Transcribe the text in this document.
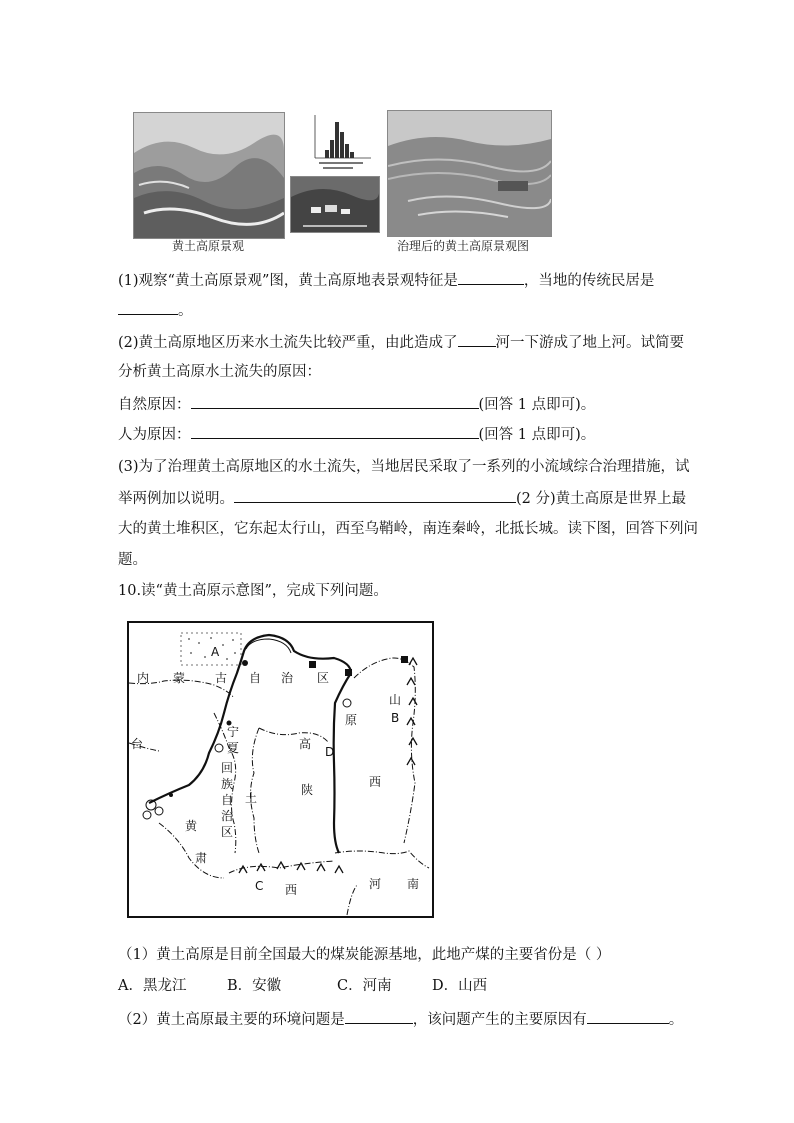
黄土高原景观	治理后的黄土高原景观图
(1)观察“黄土高原景观”图，黄土高原地表景观特征是	，当地的传统民居是
。
(2)黄土高原地区历来水土流失比较严重，由此造成了	河一下游成了地上河。试简要
分析黄土高原水土流失的原因：
自然原因：	(回答 1 点即可)。
人为原因：	(回答 1 点即可)。
(3)为了治理黄土高原地区的水土流失，当地居民采取了一系列的小流域综合治理措施，试
举两例加以说明。	(2 分)黄土高原是世界上最
大的黄土堆积区，它东起太行山，西至乌鞘岭，南连秦岭，北抵长城。读下图，回答下列问
题。
10.读“黄土高原示意图”，完成下列问题。
A
内 蒙 古 自 治 区
原
山
B
台
宁
夏	高
D
回
族	西
土
自
陕
治
黄 区
肃
C 西	河 南
（1）黄土高原是目前全国最大的煤炭能源基地，此地产煤的主要省份是（ ）
A．黑龙江	B．安徽	C．河南	D．山西
（2）黄土高原最主要的环境问题是	，该问题产生的主要原因有	。
